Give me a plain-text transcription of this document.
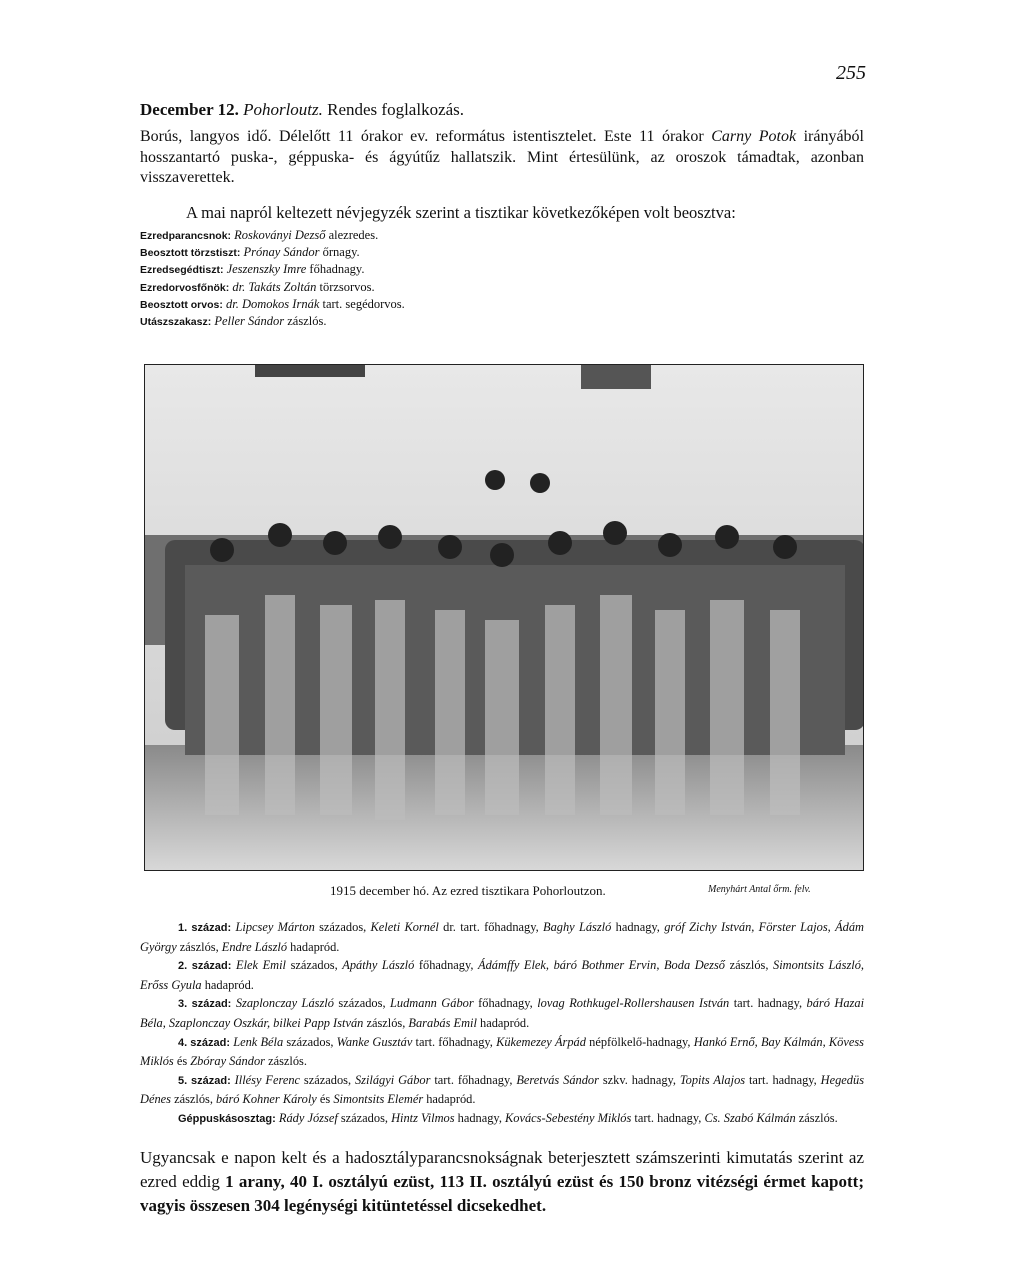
255

December 12. Pohorloutz. Rendes foglalkozás.

Borús, langyos idő. Délelőtt 11 órakor ev. református istentisztelet. Este 11 órakor Carny Potok irányából hosszantartó puska-, géppuska- és ágyútűz hallatszik. Mint értesülünk, az oroszok támadtak, azonban visszaverettek.

A mai napról keltezett névjegyzék szerint a tisztikar következőképen volt beosztva:

Ezredparancsnok: Roskoványi Dezső alezredes.
Beosztott törzstiszt: Prónay Sándor őrnagy.
Ezredsegédtiszt: Jeszenszky Imre főhadnagy.
Ezredorvosfőnök: dr. Takáts Zoltán törzsorvos.
Beosztott orvos: dr. Domokos Irnák tart. segédorvos.
Utászszakasz: Peller Sándor zászlós.
1915 december hó. Az ezred tisztikara Pohorloutzon.	Menyhárt Antal őrm. felv.

1. század: Lipcsey Márton százados, Keleti Kornél dr. tart. főhadnagy, Baghy László hadnagy, gróf Zichy István, Förster Lajos, Ádám György zászlós, Endre László hadapród.

2. század: Elek Emil százados, Apáthy László főhadnagy, Ádámffy Elek, báró Bothmer Ervin, Boda Dezső zászlós, Simontsits László, Erőss Gyula hadapród.

3. század: Szaplonczay László százados, Ludmann Gábor főhadnagy, lovag Rothkugel-Rollershausen István tart. hadnagy, báró Hazai Béla, Szaplonczay Oszkár, bilkei Papp István zászlós, Barabás Emil hadapród.

4. század: Lenk Béla százados, Wanke Gusztáv tart. főhadnagy, Kükemezey Árpád népfölkelő-hadnagy, Hankó Ernő, Bay Kálmán, Kövess Miklós és Zbóray Sándor zászlós.

5. század: Illésy Ferenc százados, Szilágyi Gábor tart. főhadnagy, Beretvás Sándor szkv. hadnagy, Topits Alajos tart. hadnagy, Hegedüs Dénes zászlós, báró Kohner Károly és Simontsits Elemér hadapród.

Géppuskásosztag: Rády József százados, Hintz Vilmos hadnagy, Kovács-Sebestény Miklós tart. hadnagy, Cs. Szabó Kálmán zászlós.

Ugyancsak e napon kelt és a hadosztályparancsnokságnak beterjesztett számszerinti kimutatás szerint az ezred eddig 1 arany, 40 I. osztályú ezüst, 113 II. osztályú ezüst és 150 bronz vitézségi érmet kapott; vagyis összesen 304 legénységi kitüntetéssel dicsekedhet.
